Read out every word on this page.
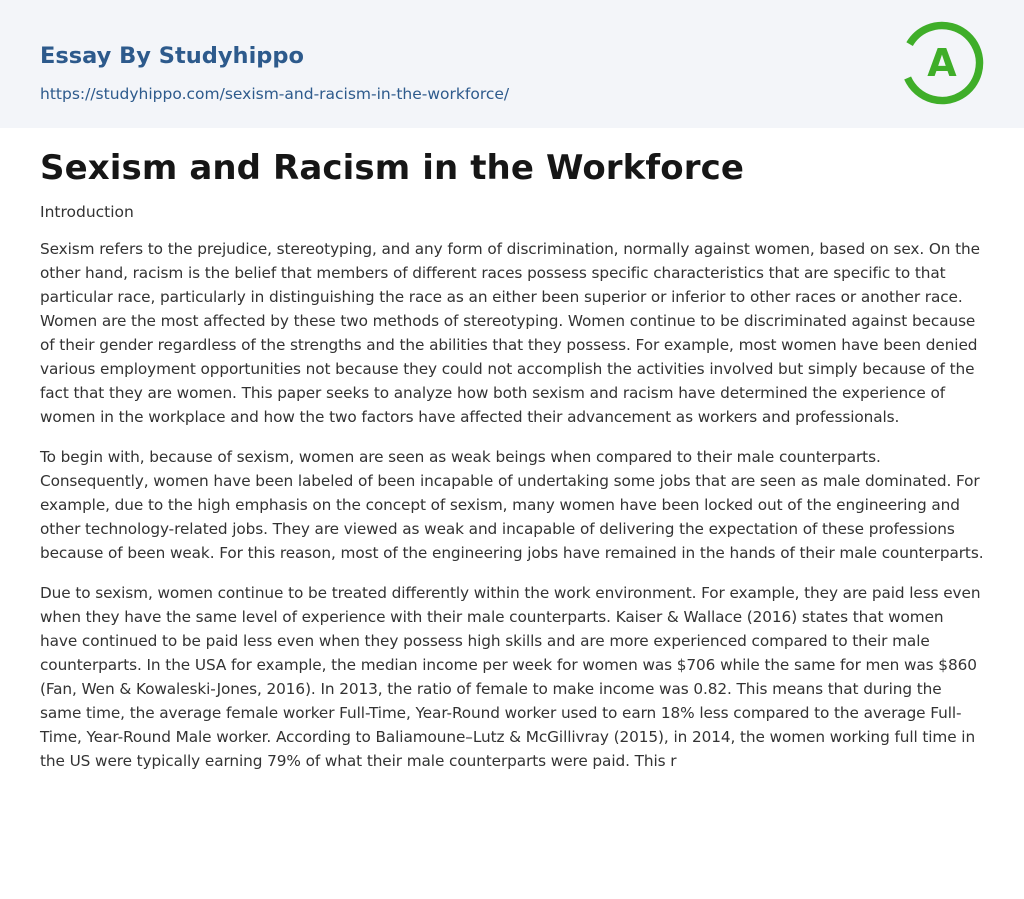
Essay By Studyhippo
https://studyhippo.com/sexism-and-racism-in-the-workforce/
A
Sexism and Racism in the Workforce

Introduction

Sexism refers to the prejudice, stereotyping, and any form of discrimination, normally against women, based on sex. On the other hand, racism is the belief that members of different races possess specific characteristics that are specific to that particular race, particularly in distinguishing the race as an either been superior or inferior to other races or another race. Women are the most affected by these two methods of stereotyping. Women continue to be discriminated against because of their gender regardless of the strengths and the abilities that they possess. For example, most women have been denied various employment opportunities not because they could not accomplish the activities involved but simply because of the fact that they are women. This paper seeks to analyze how both sexism and racism have determined the experience of women in the workplace and how the two factors have affected their advancement as workers and professionals.

To begin with, because of sexism, women are seen as weak beings when compared to their male counterparts. Consequently, women have been labeled of been incapable of undertaking some jobs that are seen as male dominated. For example, due to the high emphasis on the concept of sexism, many women have been locked out of the engineering and other technology-related jobs. They are viewed as weak and incapable of delivering the expectation of these professions because of been weak. For this reason, most of the engineering jobs have remained in the hands of their male counterparts.

Due to sexism, women continue to be treated differently within the work environment. For example, they are paid less even when they have the same level of experience with their male counterparts. Kaiser & Wallace (2016) states that women have continued to be paid less even when they possess high skills and are more experienced compared to their male counterparts. In the USA for example, the median income per week for women was $706 while the same for men was $860 (Fan, Wen & Kowaleski-Jones, 2016). In 2013, the ratio of female to make income was 0.82. This means that during the same time, the average female worker Full-Time, Year-Round worker used to earn 18% less compared to the average Full-Time, Year-Round Male worker. According to Baliamoune–Lutz & McGillivray (2015), in 2014, the women working full time in the US were typically earning 79% of what their male counterparts were paid. This r
